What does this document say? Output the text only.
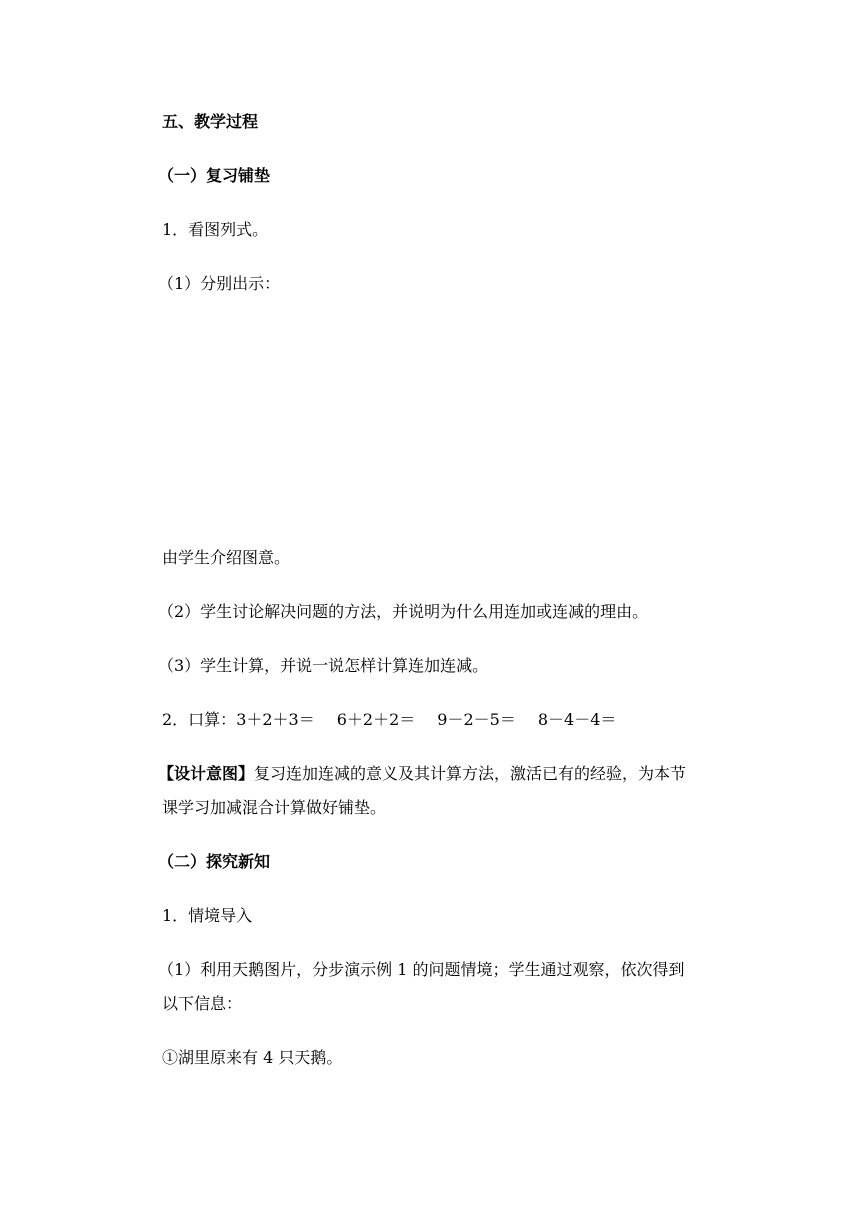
五、教学过程
（一）复习铺垫
1．看图列式。
（1）分别出示：
由学生介绍图意。
（2）学生讨论解决问题的方法，并说明为什么用连加或连减的理由。
（3）学生计算，并说一说怎样计算连加连减。
2．口算：3＋2＋3＝ 6＋2＋2＝ 9－2－5＝ 8－4－4＝
【设计意图】复习连加连减的意义及其计算方法，激活已有的经验，为本节
课学习加减混合计算做好铺垫。
（二）探究新知
1．情境导入
（1）利用天鹅图片，分步演示例 1 的问题情境；学生通过观察，依次得到
以下信息：
①湖里原来有 4 只天鹅。
